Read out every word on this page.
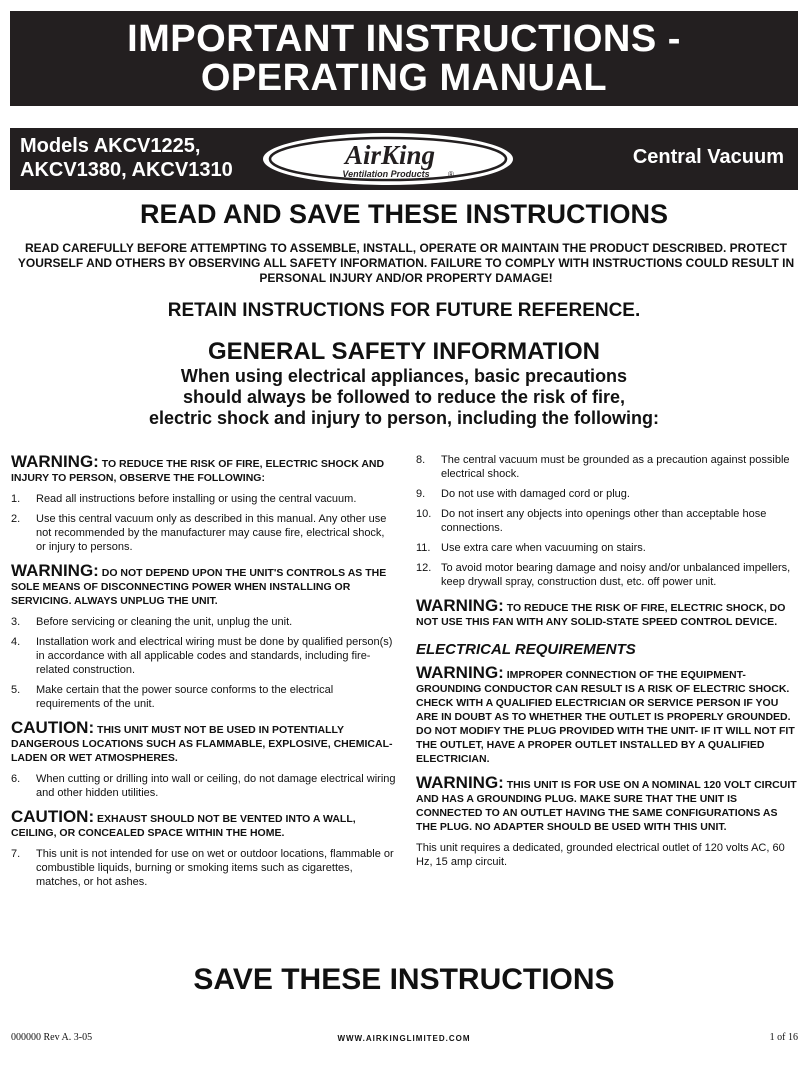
IMPORTANT INSTRUCTIONS -
OPERATING MANUAL
Models AKCV1225,
AKCV1380, AKCV1310	AirKing
Ventilation Products ®
Central Vacuum
READ AND SAVE THESE INSTRUCTIONS
READ CAREFULLY BEFORE ATTEMPTING TO ASSEMBLE, INSTALL, OPERATE OR MAINTAIN THE PRODUCT DESCRIBED. PROTECT YOURSELF AND OTHERS BY OBSERVING ALL SAFETY INFORMATION. FAILURE TO COMPLY WITH INSTRUCTIONS COULD RESULT IN PERSONAL INJURY AND/OR PROPERTY DAMAGE!
RETAIN INSTRUCTIONS FOR FUTURE REFERENCE.
GENERAL SAFETY INFORMATION
When using electrical appliances, basic precautions
should always be followed to reduce the risk of fire,
electric shock and injury to person, including the following:
WARNING: TO REDUCE THE RISK OF FIRE, ELECTRIC SHOCK AND INJURY TO PERSON, OBSERVE THE FOLLOWING:
1. Read all instructions before installing or using the central vacuum.
2. Use this central vacuum only as described in this manual. Any other use not recommended by the manufacturer may cause fire, electrical shock, or injury to persons.
WARNING: DO NOT DEPEND UPON THE UNIT'S CONTROLS AS THE SOLE MEANS OF DISCONNECTING POWER WHEN INSTALLING OR SERVICING. ALWAYS UNPLUG THE UNIT.
3. Before servicing or cleaning the unit, unplug the unit.
4. Installation work and electrical wiring must be done by qualified person(s) in accordance with all applicable codes and standards, including fire-related construction.
5. Make certain that the power source conforms to the electrical requirements of the unit.
CAUTION: THIS UNIT MUST NOT BE USED IN POTENTIALLY DANGEROUS LOCATIONS SUCH AS FLAMMABLE, EXPLOSIVE, CHEMICAL-LADEN OR WET ATMOSPHERES.
6. When cutting or drilling into wall or ceiling, do not damage electrical wiring and other hidden utilities.
CAUTION: EXHAUST SHOULD NOT BE VENTED INTO A WALL, CEILING, OR CONCEALED SPACE WITHIN THE HOME.
7. This unit is not intended for use on wet or outdoor locations, flammable or combustible liquids, burning or smoking items such as cigarettes, matches, or hot ashes.
8. The central vacuum must be grounded as a precaution against possible electrical shock.
9. Do not use with damaged cord or plug.
10. Do not insert any objects into openings other than acceptable hose connections.
11. Use extra care when vacuuming on stairs.
12. To avoid motor bearing damage and noisy and/or unbalanced impellers, keep drywall spray, construction dust, etc. off power unit.
WARNING: TO REDUCE THE RISK OF FIRE, ELECTRIC SHOCK, DO NOT USE THIS FAN WITH ANY SOLID-STATE SPEED CONTROL DEVICE.
ELECTRICAL REQUIREMENTS
WARNING: IMPROPER CONNECTION OF THE EQUIPMENT-GROUNDING CONDUCTOR CAN RESULT IS A RISK OF ELECTRIC SHOCK. CHECK WITH A QUALIFIED ELECTRICIAN OR SERVICE PERSON IF YOU ARE IN DOUBT AS TO WHETHER THE OUTLET IS PROPERLY GROUNDED. DO NOT MODIFY THE PLUG PROVIDED WITH THE UNIT- IF IT WILL NOT FIT THE OUTLET, HAVE A PROPER OUTLET INSTALLED BY A QUALIFIED ELECTRICIAN.
WARNING: THIS UNIT IS FOR USE ON A NOMINAL 120 VOLT CIRCUIT AND HAS A GROUNDING PLUG. MAKE SURE THAT THE UNIT IS CONNECTED TO AN OUTLET HAVING THE SAME CONFIGURATIONS AS THE PLUG. NO ADAPTER SHOULD BE USED WITH THIS UNIT.
This unit requires a dedicated, grounded electrical outlet of 120 volts AC, 60 Hz, 15 amp circuit.
SAVE THESE INSTRUCTIONS
000000 Rev A. 3-05	WWW.AIRKINGLIMITED.COM	1 of 16
